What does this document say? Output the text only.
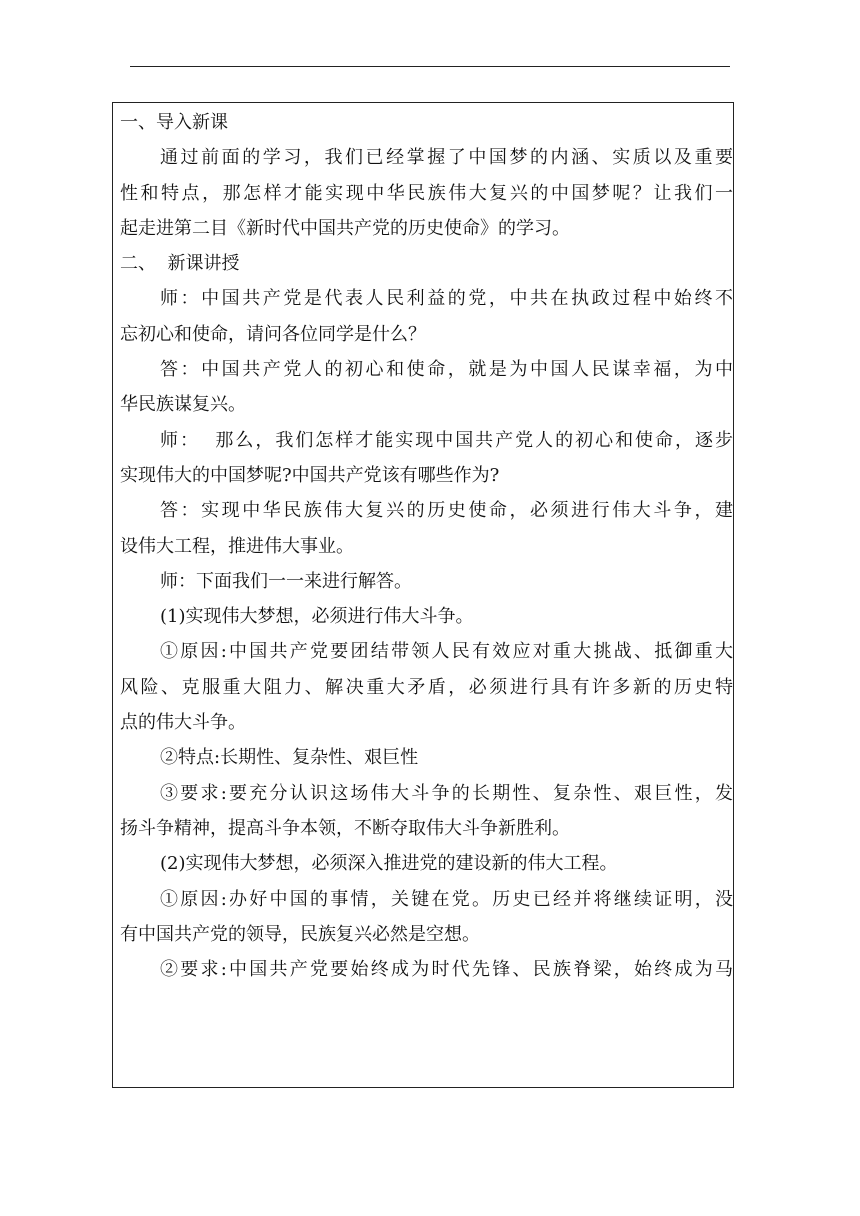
一、导入新课
通过前面的学习，我们已经掌握了中国梦的内涵、实质以及重要
性和特点，那怎样才能实现中华民族伟大复兴的中国梦呢？让我们一
起走进第二目《新时代中国共产党的历史使命》的学习。
二、  新课讲授
师：中国共产党是代表人民利益的党，中共在执政过程中始终不
忘初心和使命，请问各位同学是什么？
答：中国共产党人的初心和使命，就是为中国人民谋幸福，为中
华民族谋复兴。
师：  那么，我们怎样才能实现中国共产党人的初心和使命，逐步
实现伟大的中国梦呢?中国共产党该有哪些作为?
答：实现中华民族伟大复兴的历史使命，必须进行伟大斗争，建
设伟大工程，推进伟大事业。
师：下面我们一一来进行解答。
(1)实现伟大梦想，必须进行伟大斗争。
①原因:中国共产党要团结带领人民有效应对重大挑战、抵御重大
风险、克服重大阻力、解决重大矛盾，必须进行具有许多新的历史特
点的伟大斗争。
②特点:长期性、复杂性、艰巨性
③要求:要充分认识这场伟大斗争的长期性、复杂性、艰巨性，发
扬斗争精神，提高斗争本领，不断夺取伟大斗争新胜利。
(2)实现伟大梦想，必须深入推进党的建设新的伟大工程。
①原因:办好中国的事情，关键在党。历史已经并将继续证明，没
有中国共产党的领导，民族复兴必然是空想。
②要求:中国共产党要始终成为时代先锋、民族脊梁，始终成为马
